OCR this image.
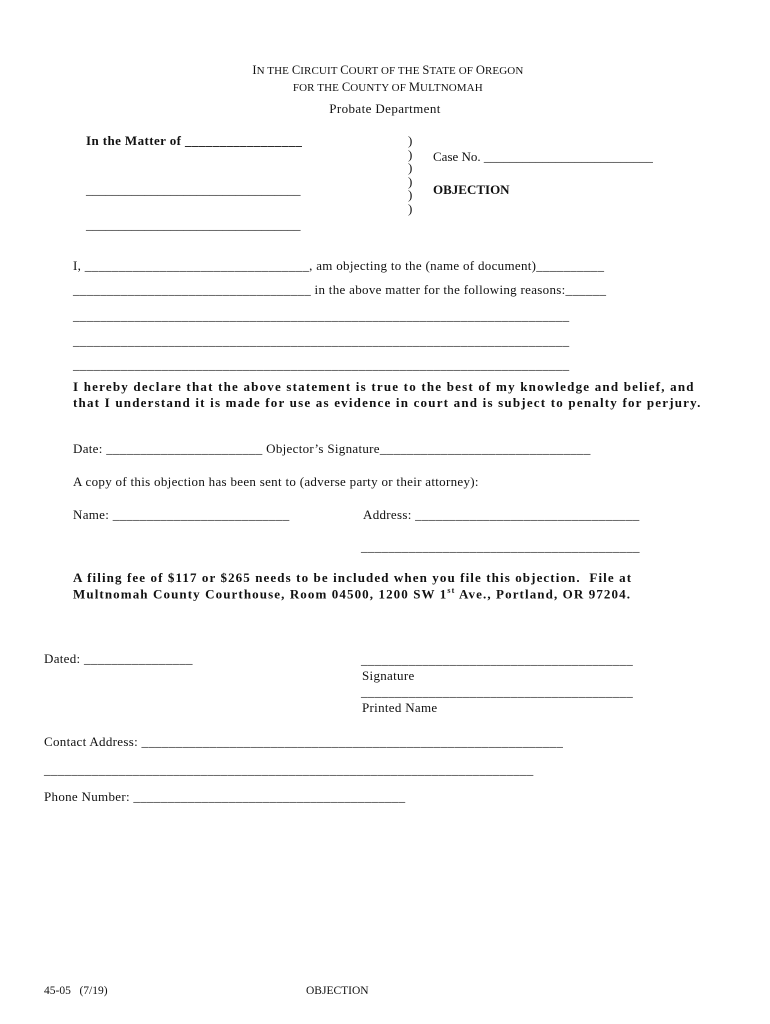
IN THE CIRCUIT COURT OF THE STATE OF OREGON

FOR THE COUNTY OF MULTNOMAH

Probate Department
In the Matter of _________________
_________________________________
_________________________________
)
)
)
)
)
)
Case No. __________________________
OBJECTION
I, _________________________________, am objecting to the (name of document)__________
___________________________________ in the above matter for the following reasons:______
_________________________________________________________________________
_________________________________________________________________________
_________________________________________________________________________
I hereby declare that the above statement is true to the best of my knowledge and belief, and that I understand it is made for use as evidence in court and is subject to penalty for perjury.
Date: _______________________ Objector’s Signature_______________________________
A copy of this objection has been sent to (adverse party or their attorney):
Name: __________________________	Address: _________________________________
_________________________________________
A filing fee of $117 or $265 needs to be included when you file this objection.  File at
Multnomah County Courthouse, Room 04500, 1200 SW 1st Ave., Portland, OR 97204.
Dated: ________________	________________________________________
Signature
________________________________________
Printed Name
Contact Address: ______________________________________________________________
________________________________________________________________________
Phone Number: ________________________________________
45-05   (7/19)	OBJECTION
